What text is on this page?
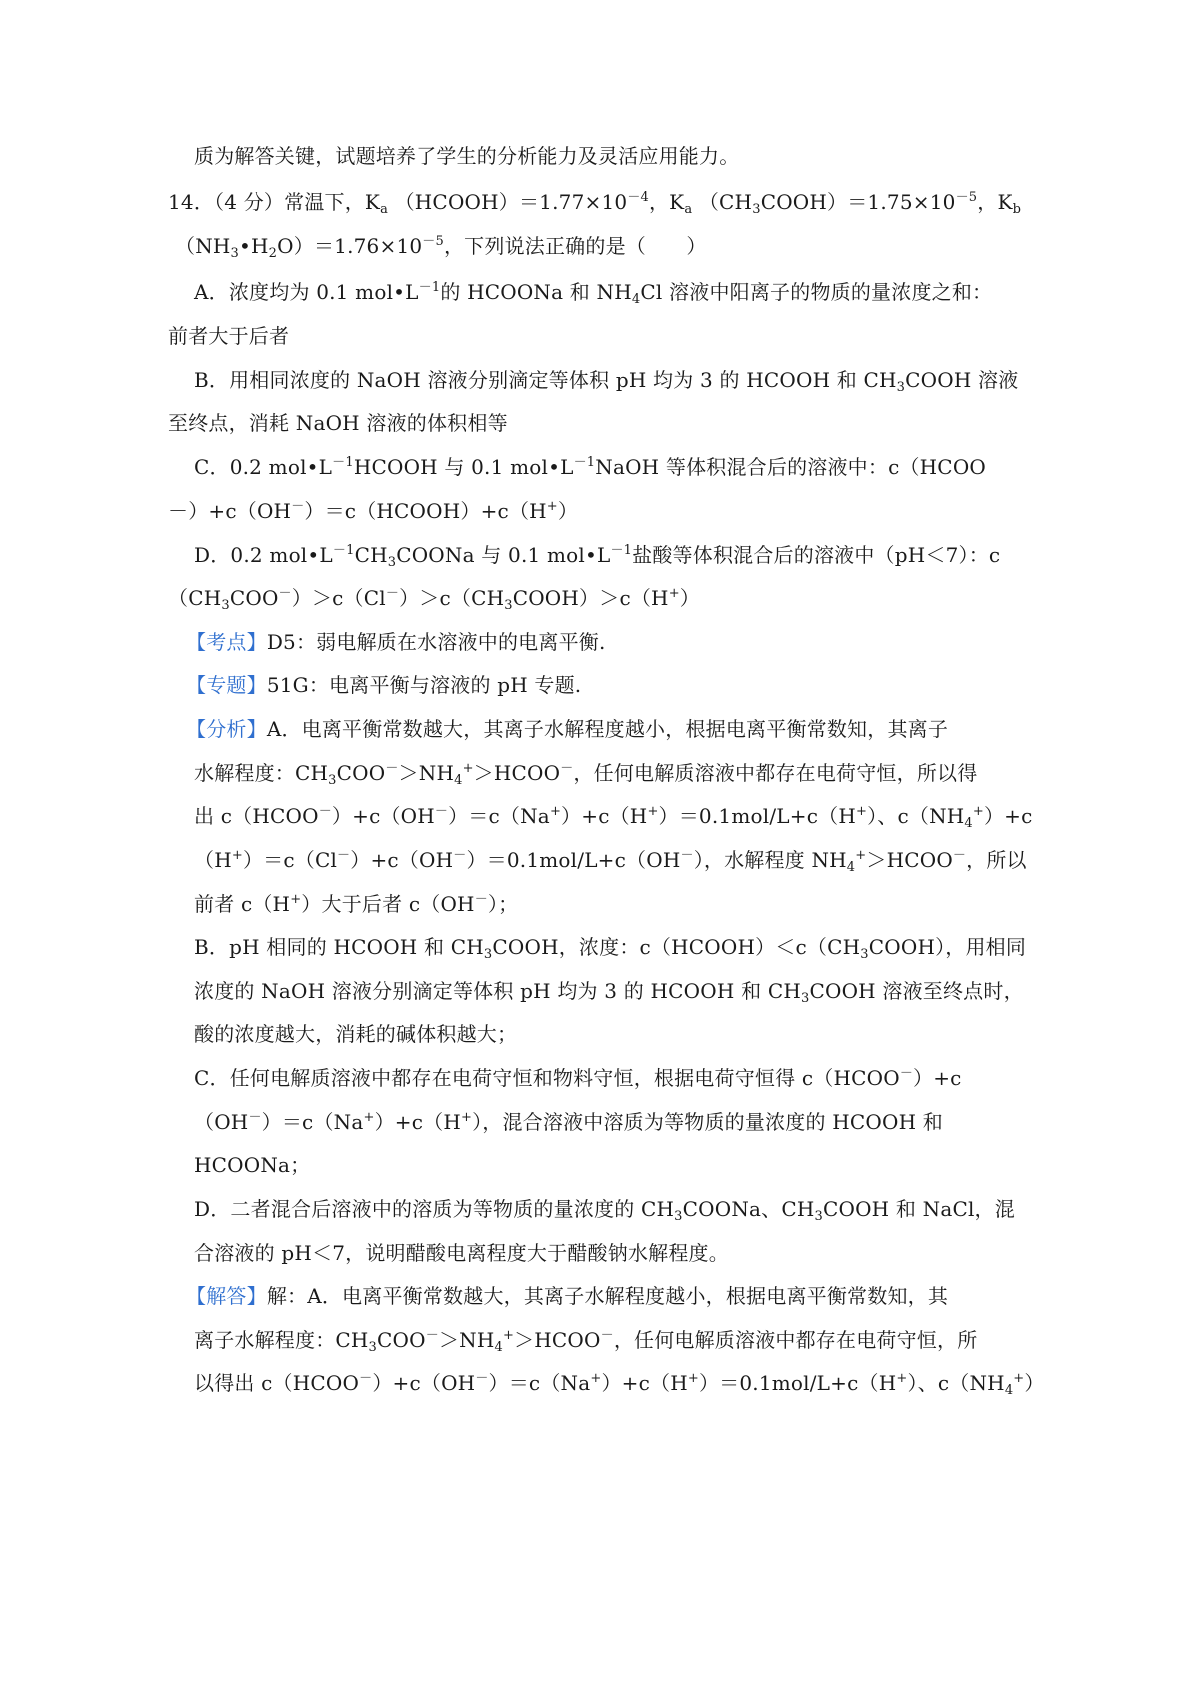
质为解答关键，试题培养了学生的分析能力及灵活应用能力。
14．（4 分）常温下，$K_a$ $(HCOOH)=1.77\times 10^{-4}$，$K_a$ $(CH_3COOH)=1.75\times 10^{-5}$，$K_b$
$(NH_3•H_2O)=1.76\times 10^{-5}$，下列说法正确的是（　　）
A．浓度均为 0.1 $mol•L^{-1}$的 HCOONa 和 $NH_4Cl$ 溶液中阳离子的物质的量浓度之和：
前者大于后者
B．用相同浓度的 NaOH 溶液分别滴定等体积 pH 均为 3 的 HCOOH 和 $CH_3COOH$ 溶液
至终点，消耗 NaOH 溶液的体积相等
C．0.2 $mol•L^{-1}HCOOH$ 与 0.1 $mol•L^{-1}NaOH$ 等体积混合后的溶液中：c（HCOO
－）+c（OH－）＝c（HCOOH）+c（H+）
D．0.2 $mol•L^{-1}CH_3COONa$ 与 0.1 $mol•L^{-1}$盐酸等体积混合后的溶液中（pH＜7）：c
$(CH_3COO^-)>c(Cl^-)>c(CH_3COOH)>c(H^+)$
【考点】D5：弱电解质在水溶液中的电离平衡.
【专题】51G：电离平衡与溶液的 pH 专题.
【分析】A．电离平衡常数越大，其离子水解程度越小，根据电离平衡常数知，其离子
水解程度：$CH_3COO^->NH_4^+>HCOO^-$，任何电解质溶液中都存在电荷守恒，所以得
出 c（HCOO－）+c（OH－）＝c（Na+）+c（H+）＝0.1mol/L+c（H+）、$c(NH_4^+)+c$
（H+）＝c（Cl－）+c（OH－）＝0.1mol/L+c（OH－），水解程度 $NH_4^+>HCOO^-$，所以
前者 c（H+）大于后者 c（OH－）；
B．pH 相同的 HCOOH 和 $CH_3COOH$，浓度：$c(HCOOH)<c(CH_3COOH)$，用相同
浓度的 NaOH 溶液分别滴定等体积 pH 均为 3 的 HCOOH 和 $CH_3COOH$ 溶液至终点时，
酸的浓度越大，消耗的碱体积越大；
C．任何电解质溶液中都存在电荷守恒和物料守恒，根据电荷守恒得 c（HCOO－）+c
（OH－）＝c（Na+）+c（H+），混合溶液中溶质为等物质的量浓度的 HCOOH 和
HCOONa；
D．二者混合后溶液中的溶质为等物质的量浓度的 $CH_3COONa$、$CH_3COOH$ 和 NaCl，混
合溶液的 pH＜7，说明醋酸电离程度大于醋酸钠水解程度。
【解答】解：A．电离平衡常数越大，其离子水解程度越小，根据电离平衡常数知，其
离子水解程度：$CH_3COO^->NH_4^+>HCOO^-$，任何电解质溶液中都存在电荷守恒，所
以得出 c（HCOO－）+c（OH－）＝c（Na+）+c（H+）＝0.1mol/L+c（H+）、$c(NH_4^+)$
